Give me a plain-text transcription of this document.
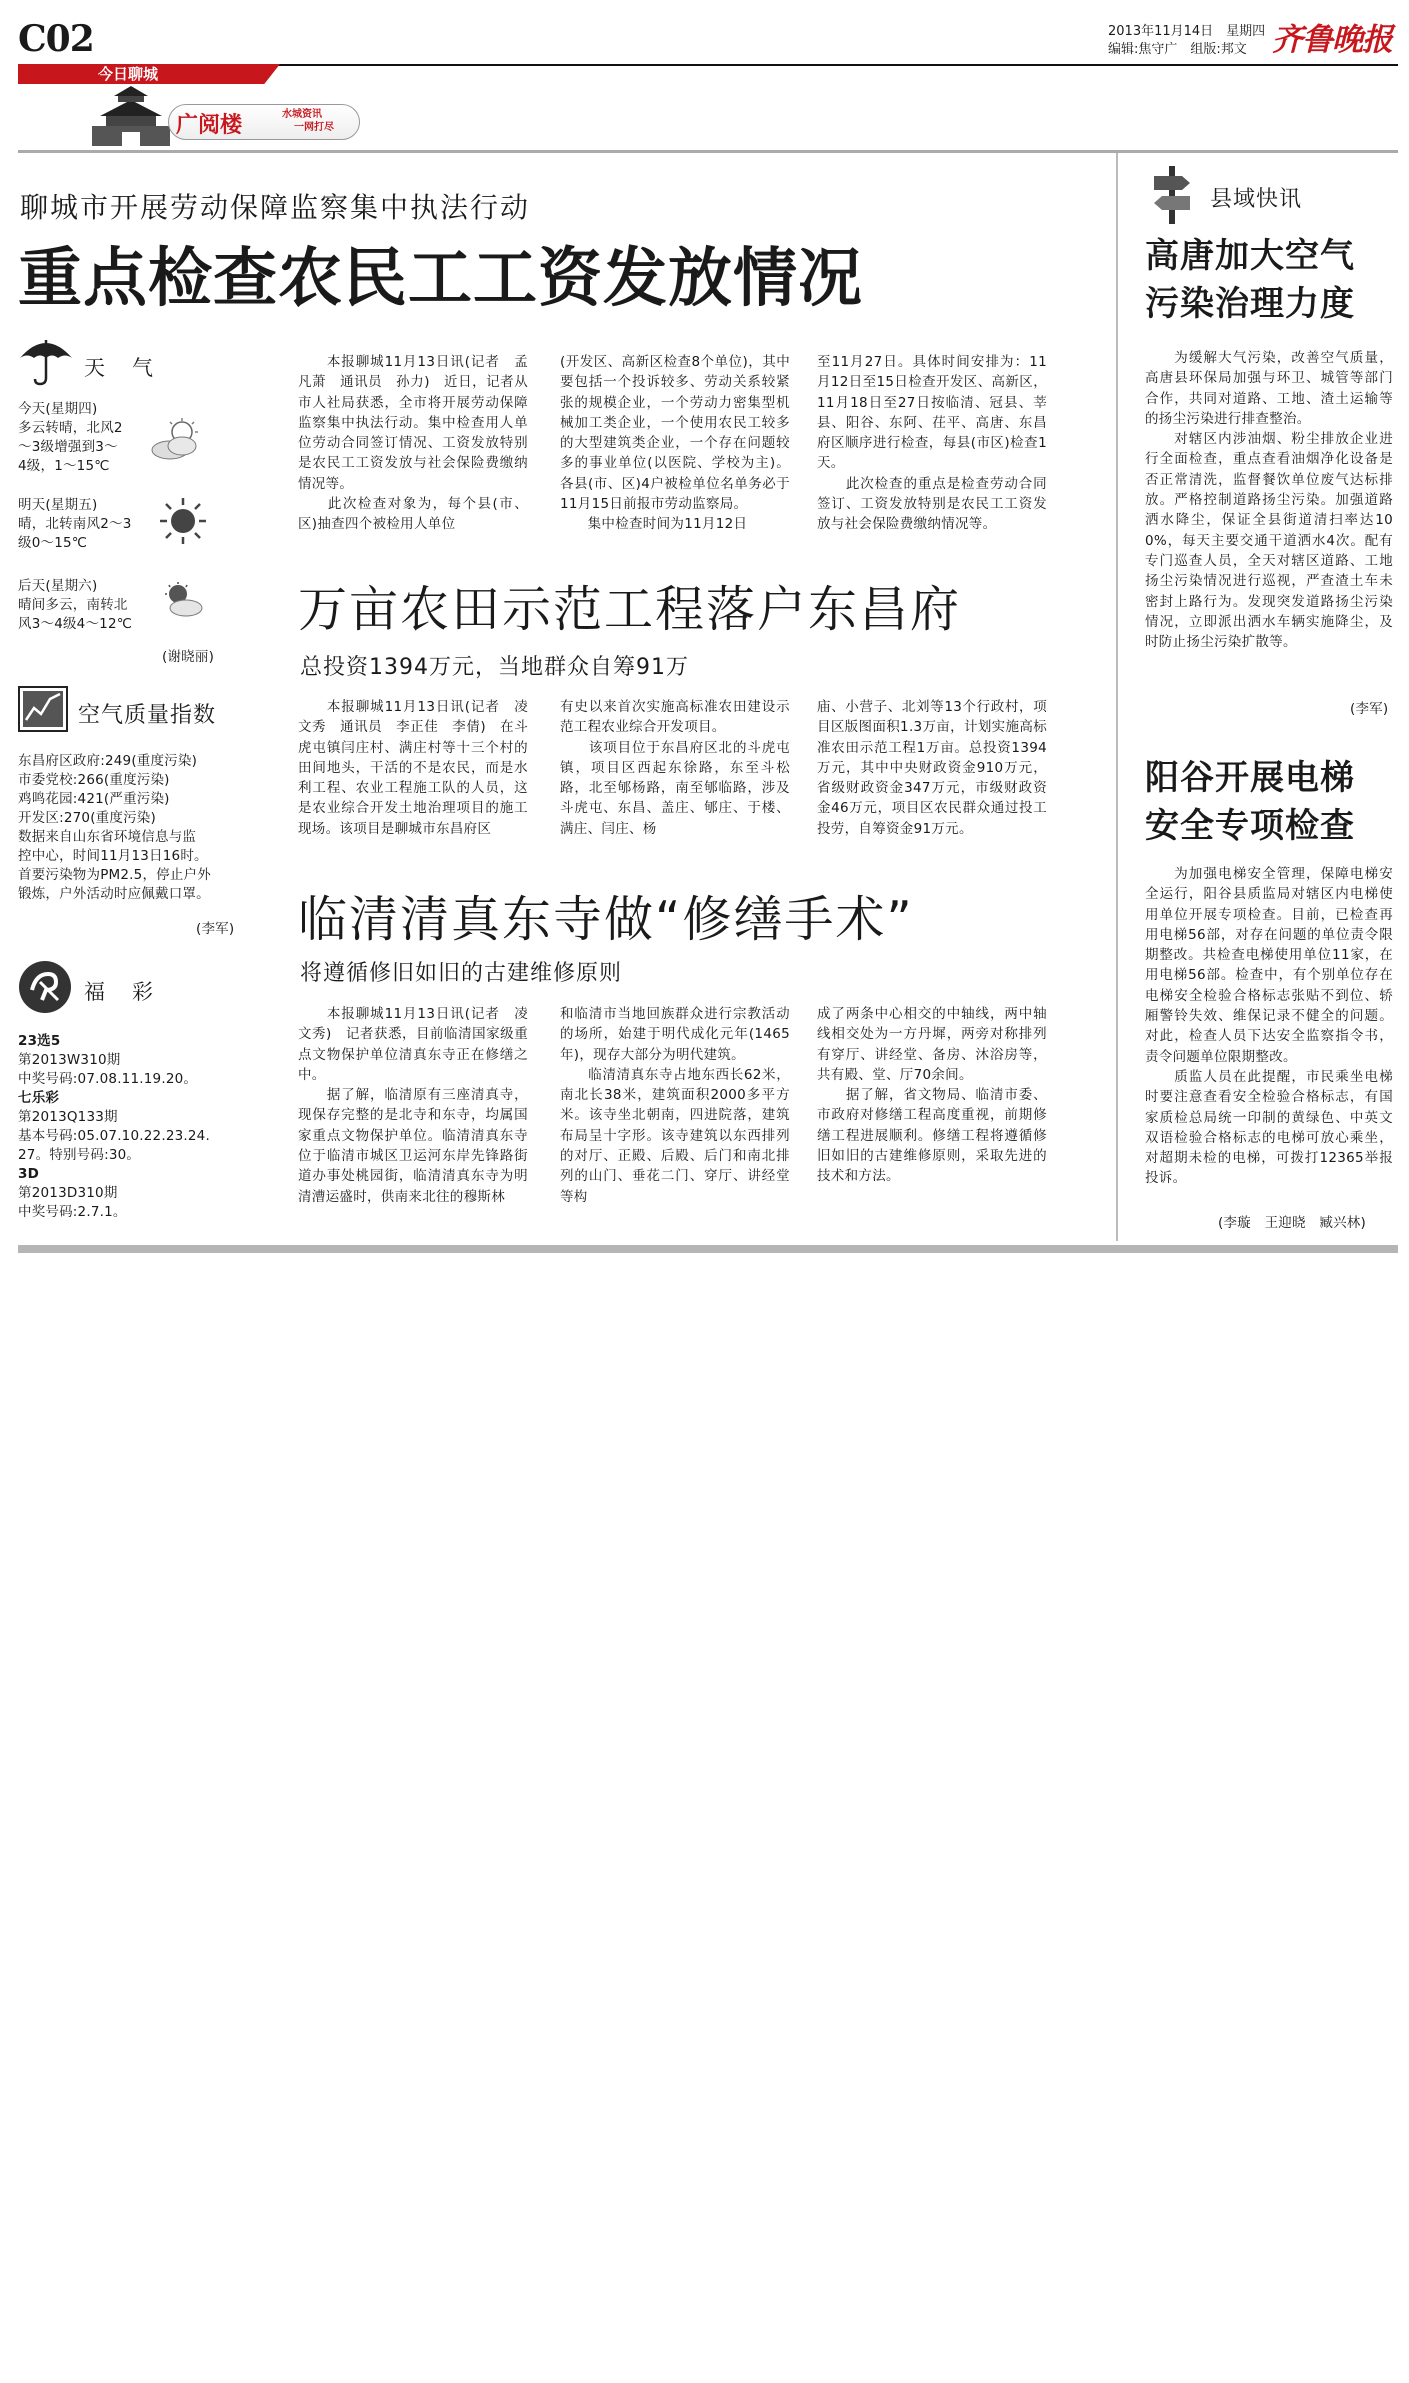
C02	2013年11月14日　星期四
编辑:焦守广　组版:邦文 齐鲁晚报
今日聊城
广阅楼	水城资讯
一网打尽
聊城市开展劳动保障监察集中执法行动
重点检查农民工工资发放情况
　　本报聊城11月13日讯(记者　孟凡萧　通讯员　孙力)　近日，记者从市人社局获悉，全市将开展劳动保障监察集中执法行动。集中检查用人单位劳动合同签订情况、工资发放特别是农民工工资发放与社会保险费缴纳情况等。
　　此次检查对象为，每个县(市、区)抽查四个被检用人单位
(开发区、高新区检查8个单位)，其中要包括一个投诉较多、劳动关系较紧张的规模企业，一个劳动力密集型机械加工类企业，一个使用农民工较多的大型建筑类企业，一个存在问题较多的事业单位(以医院、学校为主)。各县(市、区)4户被检单位名单务必于11月15日前报市劳动监察局。
　　集中检查时间为11月12日
至11月27日。具体时间安排为：11月12日至15日检查开发区、高新区，11月18日至27日按临清、冠县、莘县、阳谷、东阿、茌平、高唐、东昌府区顺序进行检查，每县(市区)检查1天。
　　此次检查的重点是检查劳动合同签订、工资发放特别是农民工工资发放与社会保险费缴纳情况等。
万亩农田示范工程落户东昌府
总投资1394万元，当地群众自筹91万
　　本报聊城11月13日讯(记者　凌文秀　通讯员　李正佳　李倩)　在斗虎屯镇闫庄村、满庄村等十三个村的田间地头，干活的不是农民，而是水利工程、农业工程施工队的人员，这是农业综合开发土地治理项目的施工现场。该项目是聊城市东昌府区
有史以来首次实施高标准农田建设示范工程农业综合开发项目。
　　该项目位于东昌府区北的斗虎屯镇，项目区西起东徐路，东至斗松路，北至郇杨路，南至郇临路，涉及斗虎屯、东昌、盖庄、郇庄、于楼、满庄、闫庄、杨
庙、小营子、北刘等13个行政村，项目区版图面积1.3万亩，计划实施高标准农田示范工程1万亩。总投资1394万元，其中中央财政资金910万元，省级财政资金347万元，市级财政资金46万元，项目区农民群众通过投工投劳，自筹资金91万元。
临清清真东寺做“修缮手术”
将遵循修旧如旧的古建维修原则
　　本报聊城11月13日讯(记者　凌文秀)　记者获悉，目前临清国家级重点文物保护单位清真东寺正在修缮之中。
　　据了解，临清原有三座清真寺，现保存完整的是北寺和东寺，均属国家重点文物保护单位。临清清真东寺位于临清市城区卫运河东岸先锋路街道办事处桃园街，临清清真东寺为明清漕运盛时，供南来北往的穆斯林
和临清市当地回族群众进行宗教活动的场所，始建于明代成化元年(1465年)，现存大部分为明代建筑。
　　临清清真东寺占地东西长62米，南北长38米，建筑面积2000多平方米。该寺坐北朝南，四进院落，建筑布局呈十字形。该寺建筑以东西排列的对厅、正殿、后殿、后门和南北排列的山门、垂花二门、穿厅、讲经堂等构
成了两条中心相交的中轴线，两中轴线相交处为一方丹墀，两旁对称排列有穿厅、讲经堂、备房、沐浴房等，共有殿、堂、厅70余间。
　　据了解，省文物局、临清市委、市政府对修缮工程高度重视，前期修缮工程进展顺利。修缮工程将遵循修旧如旧的古建维修原则，采取先进的技术和方法。
天　气
今天(星期四)
多云转晴，北风2
～3级增强到3～
4级，1～15℃
明天(星期五)
晴，北转南风2～3
级0～15℃
后天(星期六)
晴间多云，南转北
风3～4级4～12℃
(谢晓丽)
空气质量指数
东昌府区政府:249(重度污染)
市委党校:266(重度污染)
鸡鸣花园:421(严重污染)
开发区:270(重度污染)
数据来自山东省环境信息与监
控中心，时间11月13日16时。
首要污染物为PM2.5，停止户外
锻炼，户外活动时应佩戴口罩。
(李军)
福　彩
23选5
第2013W310期
中奖号码:07.08.11.19.20。
七乐彩
第2013Q133期
基本号码:05.07.10.22.23.24.
27。特别号码:30。
3D
第2013D310期
中奖号码:2.7.1。
县域快讯
高唐加大空气
污染治理力度
　　为缓解大气污染，改善空气质量，高唐县环保局加强与环卫、城管等部门合作，共同对道路、工地、渣土运输等的扬尘污染进行排查整治。
　　对辖区内涉油烟、粉尘排放企业进行全面检查，重点查看油烟净化设备是否正常清洗，监督餐饮单位废气达标排放。严格控制道路扬尘污染。加强道路洒水降尘，保证全县街道清扫率达100%，每天主要交通干道洒水4次。配有专门巡查人员，全天对辖区道路、工地扬尘污染情况进行巡视，严查渣土车未密封上路行为。发现突发道路扬尘污染情况，立即派出洒水车辆实施降尘，及时防止扬尘污染扩散等。
(李军)
阳谷开展电梯
安全专项检查
　　为加强电梯安全管理，保障电梯安全运行，阳谷县质监局对辖区内电梯使用单位开展专项检查。目前，已检查再用电梯56部，对存在问题的单位责令限期整改。共检查电梯使用单位11家，在用电梯56部。检查中，有个别单位存在电梯安全检验合格标志张贴不到位、轿厢警铃失效、维保记录不健全的问题。对此，检查人员下达安全监察指令书，责令问题单位限期整改。
　　质监人员在此提醒，市民乘坐电梯时要注意查看安全检验合格标志，有国家质检总局统一印制的黄绿色、中英文双语检验合格标志的电梯可放心乘坐，对超期未检的电梯，可拨打12365举报投诉。
(李璇　王迎晓　臧兴林)
